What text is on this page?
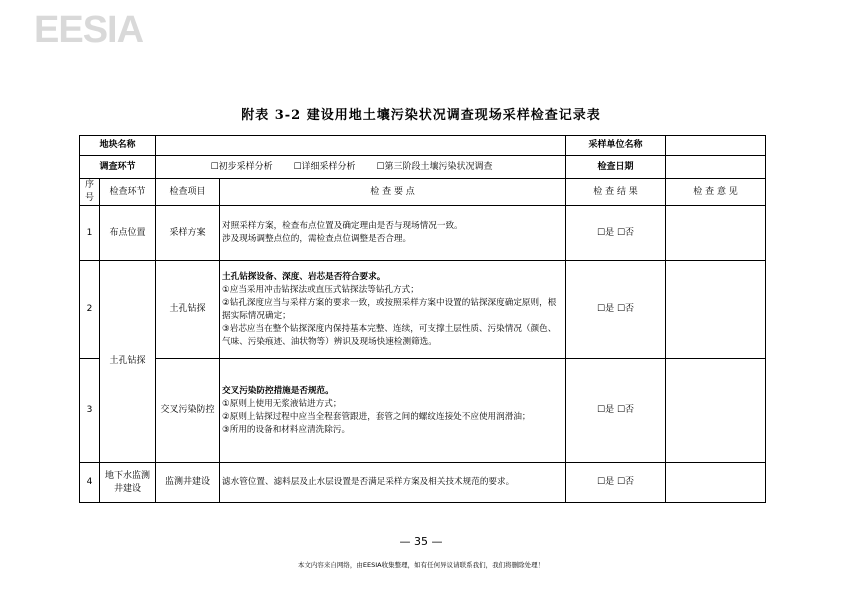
EESIA
附表 3-2 建设用地土壤污染状况调查现场采样检查记录表
地块名称				采样单位名称	
调查环节		☐初步采样分析 ☐详细采样分析 ☐第三阶段土壤污染状况调查		检查日期	
序号	检查环节	检查项目	检 查 要 点	检 查 结 果	检 查 意 见
1	布点位置	采样方案	对照采样方案，检查布点位置及确定理由是否与现场情况一致。
涉及现场调整点位的，需检查点位调整是否合理。	☐是 ☐否	
2	土孔钻探	土孔钻探	土孔钻探设备、深度、岩芯是否符合要求。
①应当采用冲击钻探法或直压式钻探法等钻孔方式；
②钻孔深度应当与采样方案的要求一致，或按照采样方案中设置的钻探深度确定原则，根据实际情况确定；
③岩芯应当在整个钻探深度内保持基本完整、连续，可支撑土层性质、污染情况（颜色、气味、污染痕迹、油状物等）辨识及现场快速检测筛选。	☐是 ☐否	
3		交叉污染防控	交叉污染防控措施是否规范。
①原则上使用无浆液钻进方式；
②原则上钻探过程中应当全程套管跟进，套管之间的螺纹连接处不应使用润滑油；
③所用的设备和材料应清洗除污。	☐是 ☐否	
4	地下水监测井建设	监测井建设	滤水管位置、滤料层及止水层设置是否满足采样方案及相关技术规范的要求。	☐是 ☐否	
— 35 —
本文内容来自网络，由EESIA收集整理，如有任何异议请联系我们，我们将删除处理！
